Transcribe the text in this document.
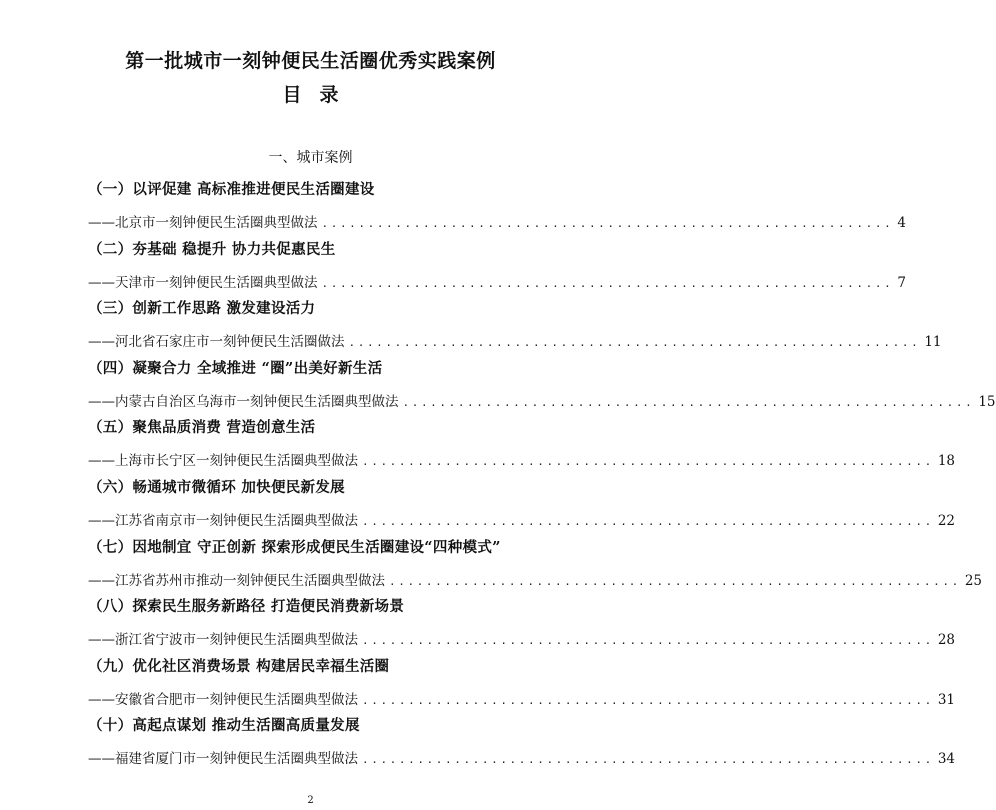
第一批城市一刻钟便民生活圈优秀实践案例
目录
一、城市案例
（一）以评促建 高标准推进便民生活圈建设
——北京市一刻钟便民生活圈典型做法 .............................................................. 4
（二）夯基础 稳提升 协力共促惠民生
——天津市一刻钟便民生活圈典型做法 .............................................................. 7
（三）创新工作思路 激发建设活力
——河北省石家庄市一刻钟便民生活圈做法 .............................................................. 11
（四）凝聚合力 全域推进 “圈”出美好新生活
——内蒙古自治区乌海市一刻钟便民生活圈典型做法 .............................................................. 15
（五）聚焦品质消费 营造创意生活
——上海市长宁区一刻钟便民生活圈典型做法 .............................................................. 18
（六）畅通城市微循环 加快便民新发展
——江苏省南京市一刻钟便民生活圈典型做法 .............................................................. 22
（七）因地制宜 守正创新 探索形成便民生活圈建设“四种模式”
——江苏省苏州市推动一刻钟便民生活圈典型做法 .............................................................. 25
（八）探索民生服务新路径 打造便民消费新场景
——浙江省宁波市一刻钟便民生活圈典型做法 .............................................................. 28
（九）优化社区消费场景 构建居民幸福生活圈
——安徽省合肥市一刻钟便民生活圈典型做法 .............................................................. 31
（十）高起点谋划 推动生活圈高质量发展
——福建省厦门市一刻钟便民生活圈典型做法 .............................................................. 34
2
